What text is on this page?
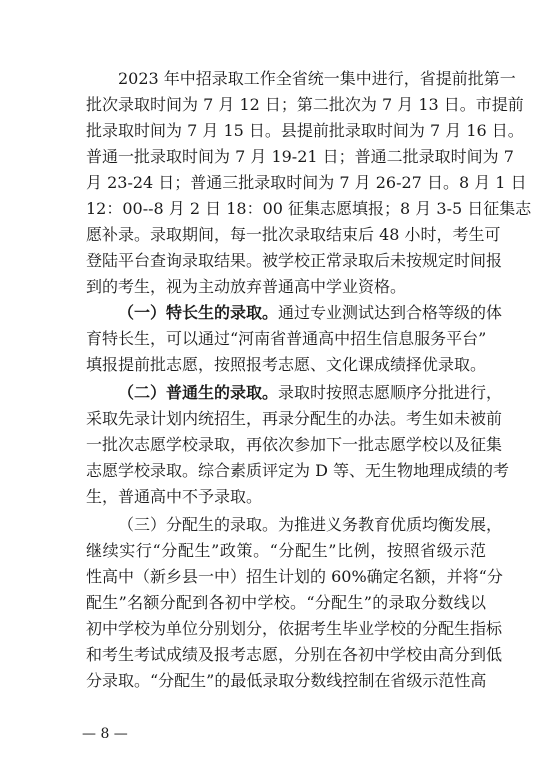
2023 年中招录取工作全省统一集中进行，省提前批第一
批次录取时间为 7 月 12 日；第二批次为 7 月 13 日。市提前
批录取时间为 7 月 15 日。县提前批录取时间为 7 月 16 日。
普通一批录取时间为 7 月 19-21 日；普通二批录取时间为 7
月 23-24 日；普通三批录取时间为 7 月 26-27 日。8 月 1 日
12：00--8 月 2 日 18：00 征集志愿填报；8 月 3-5 日征集志
愿补录。录取期间，每一批次录取结束后 48 小时，考生可
登陆平台查询录取结果。被学校正常录取后未按规定时间报
到的考生，视为主动放弃普通高中学业资格。
（一）特长生的录取。通过专业测试达到合格等级的体
育特长生，可以通过“河南省普通高中招生信息服务平台”
填报提前批志愿，按照报考志愿、文化课成绩择优录取。
（二）普通生的录取。录取时按照志愿顺序分批进行，
采取先录计划内统招生，再录分配生的办法。考生如未被前
一批次志愿学校录取，再依次参加下一批志愿学校以及征集
志愿学校录取。综合素质评定为 D 等、无生物地理成绩的考
生，普通高中不予录取。
（三）分配生的录取。为推进义务教育优质均衡发展，
继续实行“分配生”政策。“分配生”比例，按照省级示范
性高中（新乡县一中）招生计划的 60%确定名额，并将“分
配生”名额分配到各初中学校。“分配生”的录取分数线以
初中学校为单位分别划分，依据考生毕业学校的分配生指标
和考生考试成绩及报考志愿，分别在各初中学校由高分到低
分录取。“分配生”的最低录取分数线控制在省级示范性高
— 8 —
